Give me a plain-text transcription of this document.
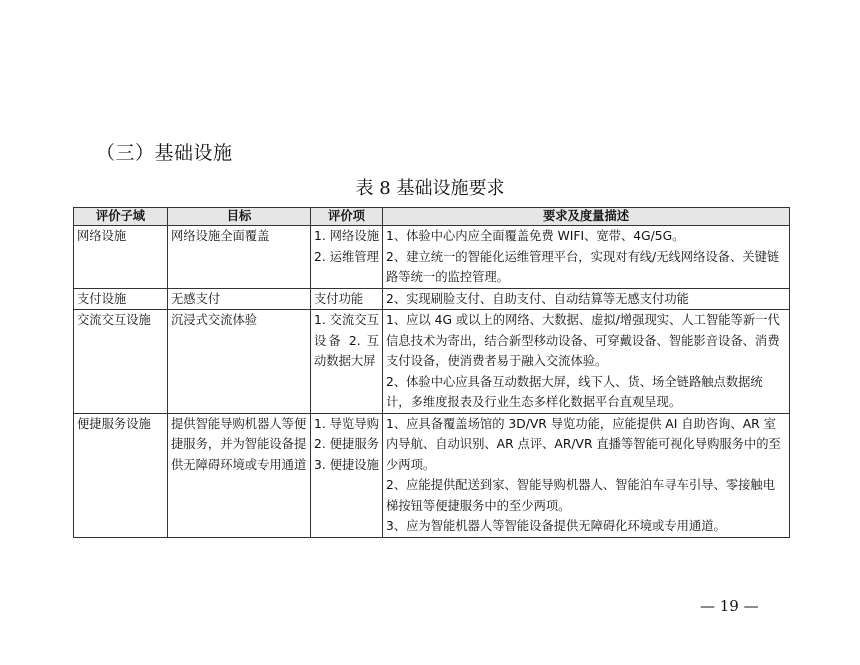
（三）基础设施
表 8 基础设施要求
评价子域	目标	评价项	要求及度量描述
网络设施	网络设施全面覆盖	1. 网络设施 2. 运维管理	1、体验中心内应全面覆盖免费 WIFI、宽带、4G/5G。
2、建立统一的智能化运维管理平台，实现对有线/无线网络设备、关键链路等统一的监控管理。

支付设施	无感支付	支付功能	2、实现刷脸支付、自助支付、自动结算等无感支付功能

交流交互设施	沉浸式交流体验	1. 交流交互设备 2. 互动数据大屏	1、应以 4G 或以上的网络、大数据、虚拟/增强现实、人工智能等新一代信息技术为寄出，结合新型移动设备、可穿戴设备、智能影音设备、消费支付设备，使消费者易于融入交流体验。
2、体验中心应具备互动数据大屏，线下人、货、场全链路触点数据统计，多维度报表及行业生态多样化数据平台直观呈现。

便捷服务设施	提供智能导购机器人等便捷服务，并为智能设备提供无障碍环境或专用通道	1. 导览导购 2. 便捷服务 3. 便捷设施	1、应具备覆盖场馆的 3D/VR 导览功能，应能提供 AI 自助咨询、AR 室内导航、自动识别、AR 点评、AR/VR 直播等智能可视化导购服务中的至少两项。
2、应能提供配送到家、智能导购机器人、智能泊车寻车引导、零接触电梯按钮等便捷服务中的至少两项。
3、应为智能机器人等智能设备提供无障碍化环境或专用通道。
— 19 —
